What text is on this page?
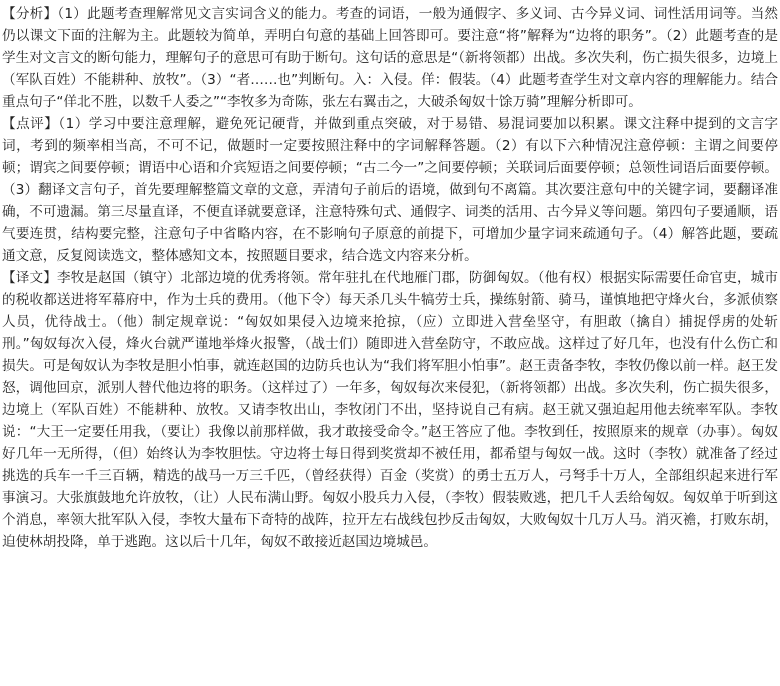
【分析】（1）此题考查理解常见文言实词含义的能力。考查的词语，一般为通假字、多义词、古今异义词、词性活用词等。当然仍以课文下面的注解为主。此题较为简单，弄明白句意的基础上回答即可。要注意“将”解释为“边将的职务”。（2）此题考查的是学生对文言文的断句能力，理解句子的意思可有助于断句。这句话的意思是“（新将领都）出战。多次失利，伤亡损失很多，边境上（军队百姓）不能耕种、放牧”。（3）“者……也”判断句。入：入侵。佯：假装。（4）此题考查学生对文章内容的理解能力。结合重点句子“佯北不胜，以数千人委之”“李牧多为奇陈，张左右翼击之，大破杀匈奴十馀万骑”理解分析即可。

【点评】（1）学习中要注意理解，避免死记硬背，并做到重点突破，对于易错、易混词要加以积累。课文注释中提到的文言字词，考到的频率相当高，不可不记，做题时一定要按照注释中的字词解释答题。（2）有以下六种情况注意停顿：主谓之间要停顿；谓宾之间要停顿；谓语中心语和介宾短语之间要停顿；“古二今一”之间要停顿；关联词后面要停顿；总领性词语后面要停顿。（3）翻译文言句子，首先要理解整篇文章的文意，弄清句子前后的语境，做到句不离篇。其次要注意句中的关键字词，要翻译准确，不可遗漏。第三尽量直译，不便直译就要意译，注意特殊句式、通假字、词类的活用、古今异义等问题。第四句子要通顺，语气要连贯，结构要完整，注意句子中省略内容，在不影响句子原意的前提下，可增加少量字词来疏通句子。（4）解答此题，要疏通文意，反复阅读选文，整体感知文本，按照题目要求，结合选文内容来分析。

【译文】李牧是赵国（镇守）北部边境的优秀将领。常年驻扎在代地雁门郡，防御匈奴。（他有权）根据实际需要任命官吏，城市的税收都送进将军幕府中，作为士兵的费用。（他下令）每天杀几头牛犒劳士兵，操练射箭、骑马，谨慎地把守烽火台，多派侦察人员，优待战士。（他）制定规章说：“匈奴如果侵入边境来抢掠，（应）立即进入营垒坚守，有胆敢（擒自）捕捉俘虏的处斩刑。”匈奴每次入侵，烽火台就严谨地举烽火报警，（战士们）随即进入营垒防守，不敢应战。这样过了好几年，也没有什么伤亡和损失。可是匈奴认为李牧是胆小怕事，就连赵国的边防兵也认为“我们将军胆小怕事”。赵王责备李牧，李牧仍像以前一样。赵王发怒，调他回京，派别人替代他边将的职务。（这样过了）一年多，匈奴每次来侵犯，（新将领都）出战。多次失利，伤亡损失很多，边境上（军队百姓）不能耕种、放牧。又请李牧出山，李牧闭门不出，坚持说自己有病。赵王就又强迫起用他去统率军队。李牧说：“大王一定要任用我，（要让）我像以前那样做，我才敢接受命令。”赵王答应了他。李牧到任，按照原来的规章（办事）。匈奴好几年一无所得，（但）始终认为李牧胆怯。守边将士每日得到奖赏却不被任用，都希望与匈奴一战。这时（李牧）就准备了经过挑选的兵车一千三百辆，精选的战马一万三千匹，（曾经获得）百金（奖赏）的勇士五万人，弓弩手十万人，全部组织起来进行军事演习。大张旗鼓地允许放牧，（让）人民布满山野。匈奴小股兵力入侵，（李牧）假装败逃，把几千人丢给匈奴。匈奴单于听到这个消息，率领大批军队入侵，李牧大量布下奇特的战阵，拉开左右战线包抄反击匈奴，大败匈奴十几万人马。消灭襜，打败东胡，迫使林胡投降，单于逃跑。这以后十几年，匈奴不敢接近赵国边境城邑。
